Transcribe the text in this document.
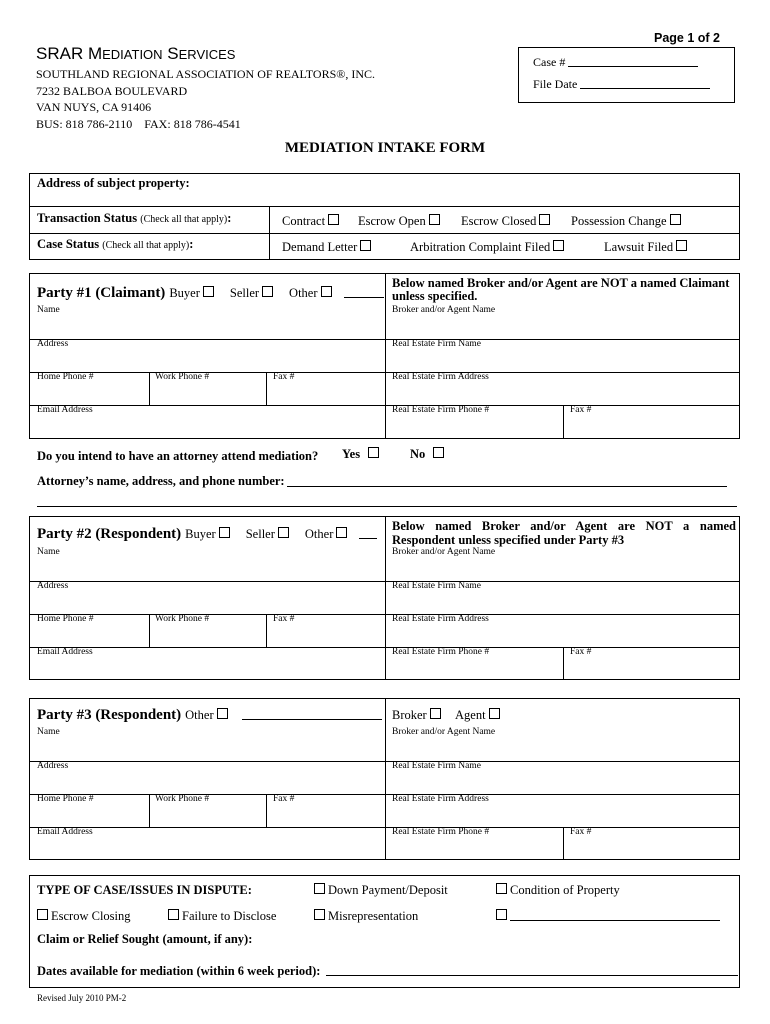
Page 1 of 2
SRAR MEDIATION SERVICES
SOUTHLAND REGIONAL ASSOCIATION OF REALTORS®, INC.
7232 BALBOA BOULEVARD
VAN NUYS, CA 91406
BUS: 818 786-2110 FAX: 818 786-4541
Case #
File Date
MEDIATION INTAKE FORM
Address of subject property:
Transaction Status (Check all that apply):	Contract	Escrow Open	Escrow Closed	Possession Change
Case Status (Check all that apply):	Demand Letter	Arbitration Complaint Filed	Lawsuit Filed
Party #1 (Claimant) Buyer Seller Other
Below named Broker and/or Agent are NOT a named Claimant unless specified.
Name	Broker and/or Agent Name
Address	Real Estate Firm Name
Home Phone #	Work Phone #	Fax #	Real Estate Firm Address
Email Address	Real Estate Firm Phone #	Fax #
Do you intend to have an attorney attend mediation? Yes	No
Attorney’s name, address, and phone number:
Party #2 (Respondent) Buyer Seller Other
Below named Broker and/or Agent are NOT a named Respondent unless specified under Party #3
Name	Broker and/or Agent Name
Address	Real Estate Firm Name
Home Phone #	Work Phone #	Fax #	Real Estate Firm Address
Email Address	Real Estate Firm Phone #	Fax #
Party #3 (Respondent) Other	Broker	Agent
Name	Broker and/or Agent Name
Address	Real Estate Firm Name
Home Phone #	Work Phone #	Fax #	Real Estate Firm Address
Email Address	Real Estate Firm Phone #	Fax #
TYPE OF CASE/ISSUES IN DISPUTE:	Down Payment/Deposit	Condition of Property
Escrow Closing	Failure to Disclose	Misrepresentation
Claim or Relief Sought (amount, if any):
Dates available for mediation (within 6 week period):
Revised July 2010 PM-2
